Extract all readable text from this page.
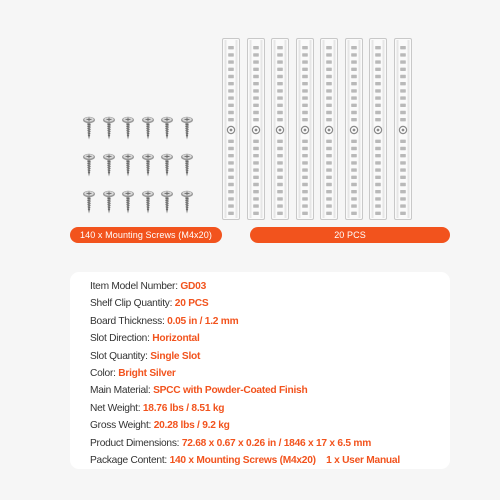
140 x Mounting Screws (M4x20)	20 PCS
Item Model Number: GD03
Shelf Clip Quantity: 20 PCS
Board Thickness: 0.05 in / 1.2 mm
Slot Direction: Horizontal
Slot Quantity: Single Slot
Color: Bright Silver
Main Material: SPCC with Powder-Coated Finish
Net Weight: 18.76 lbs / 8.51 kg
Gross Weight: 20.28 lbs / 9.2 kg
Product Dimensions: 72.68 x 0.67 x 0.26 in / 1846 x 17 x 6.5 mm
Package Content: 140 x Mounting Screws (M4x20)    1 x User Manual
